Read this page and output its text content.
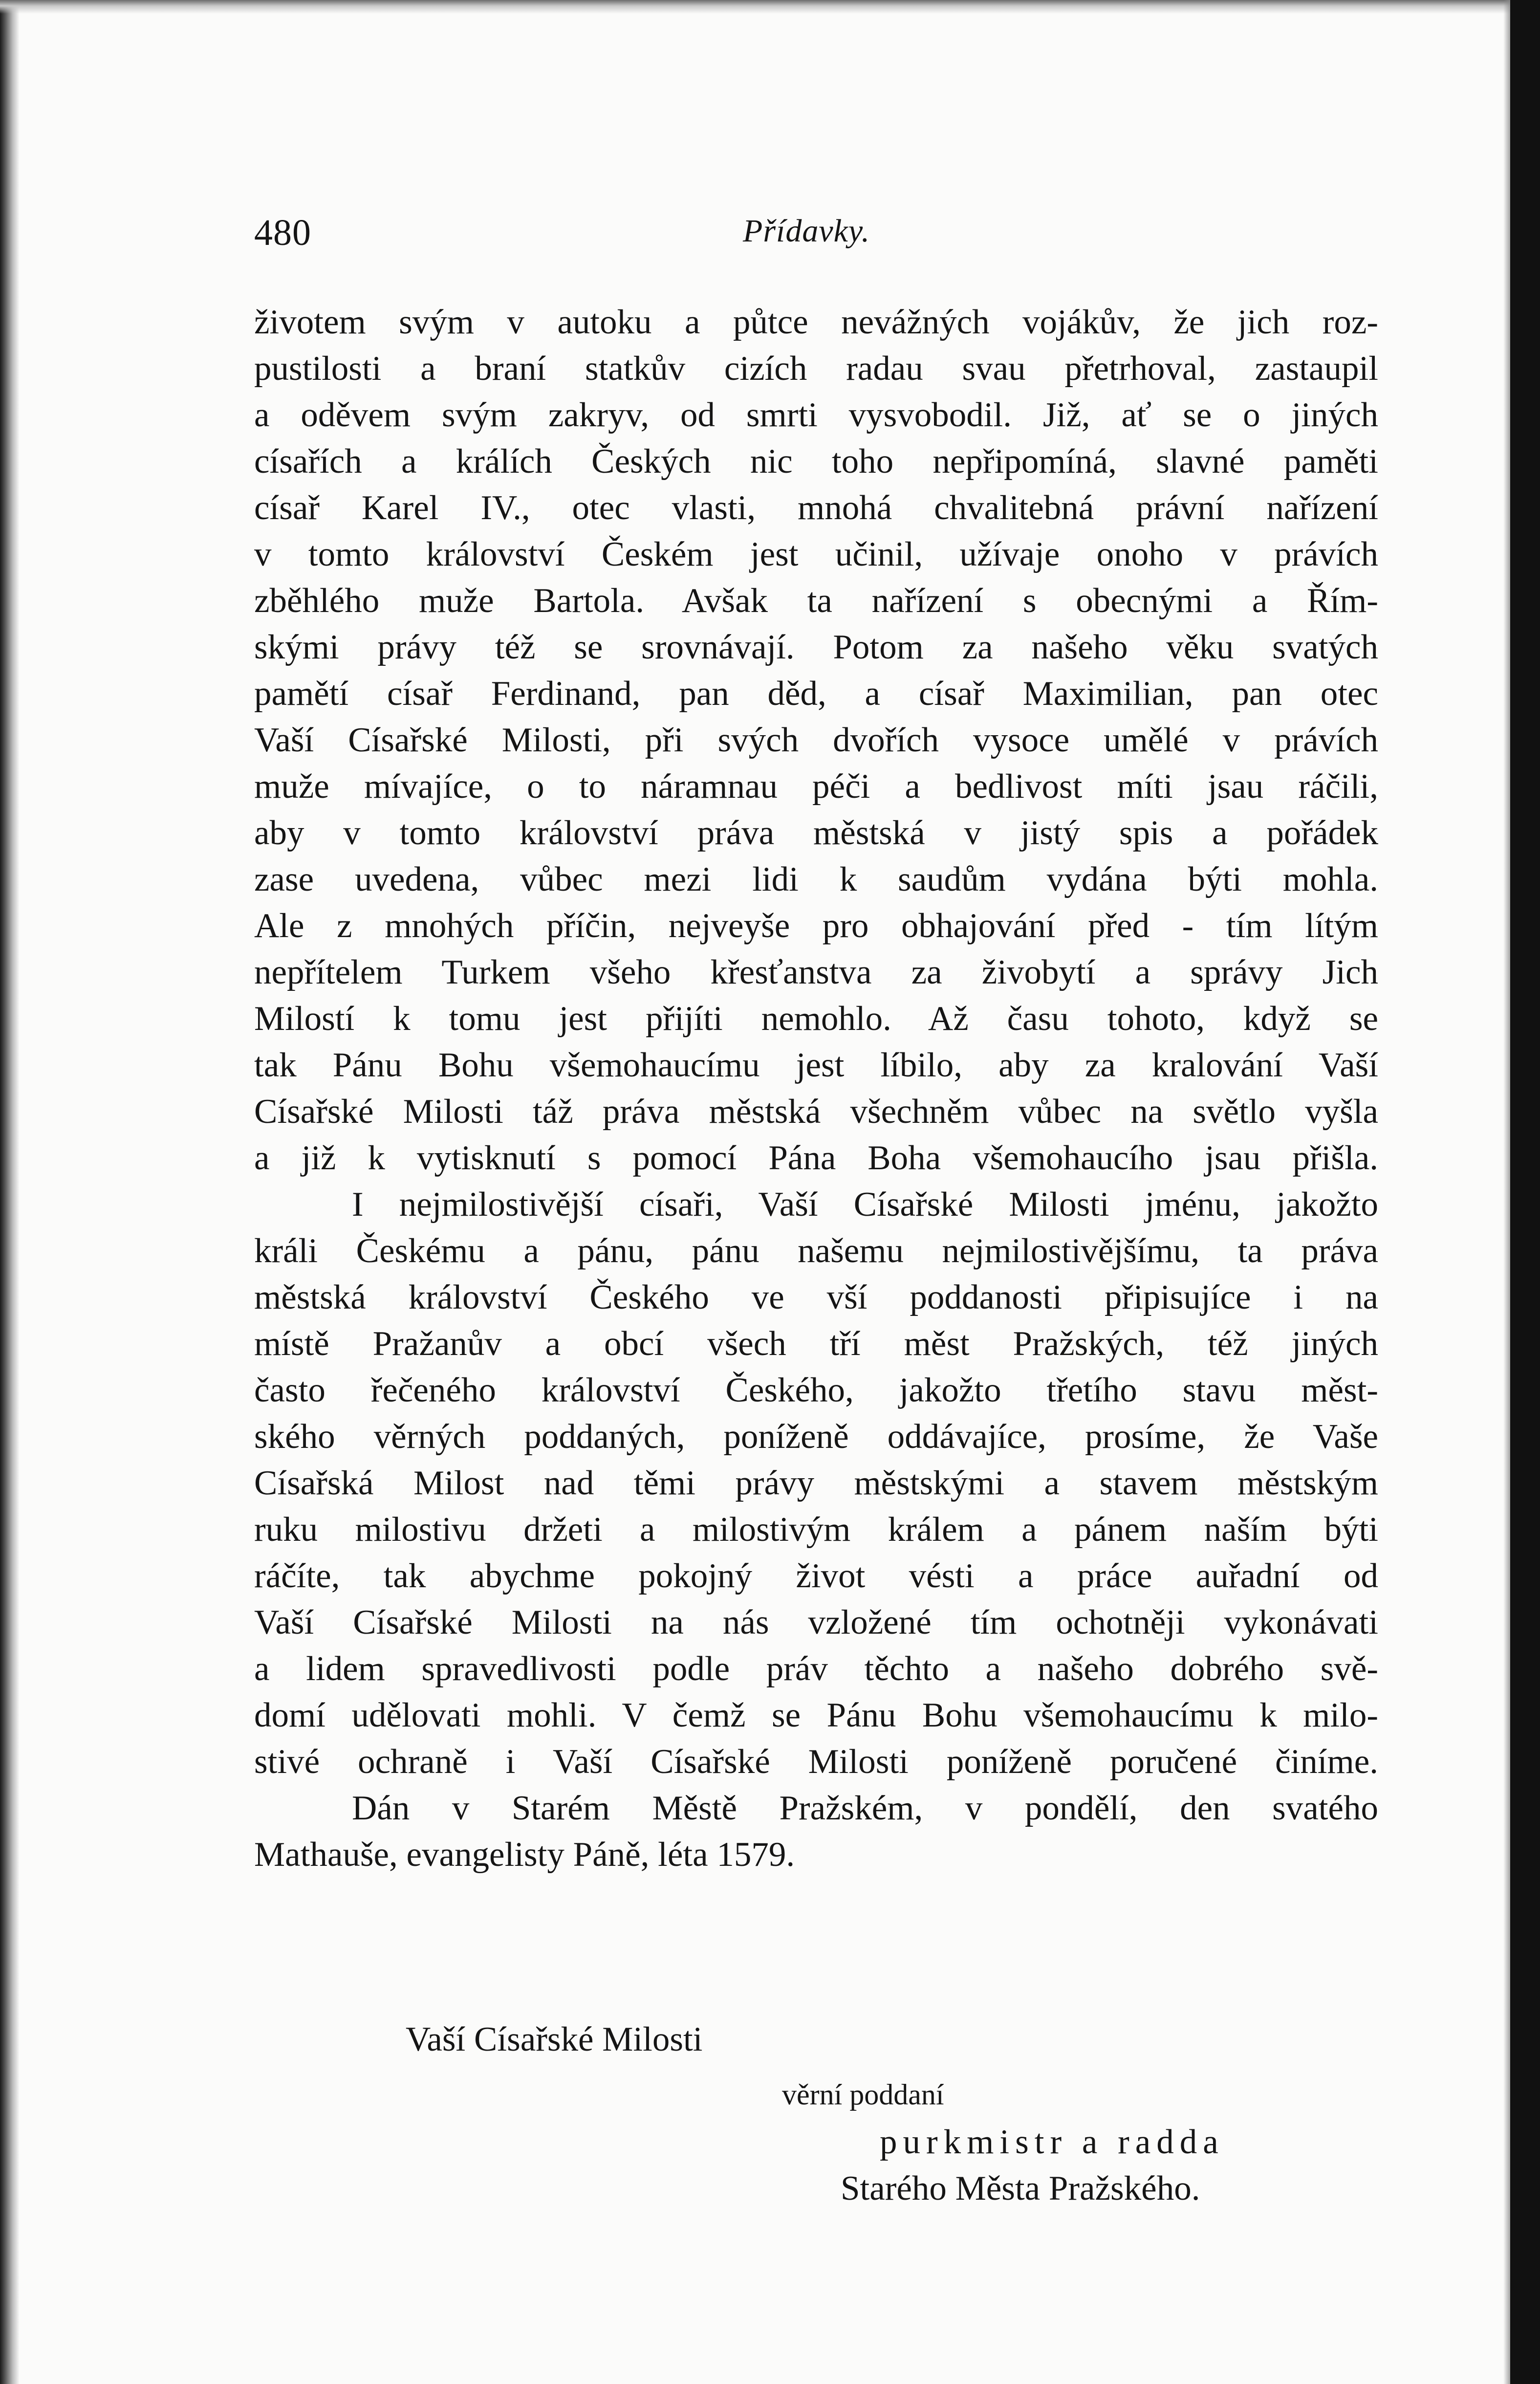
480	Přídavky.
životem svým v autoku a půtce nevážných vojákův, že jich roz-
pustilosti a braní statkův cizích radau svau přetrhoval, zastaupil
a oděvem svým zakryv, od smrti vysvobodil. Již, ať se o jiných
císařích a králích Českých nic toho nepřipomíná, slavné paměti
císař Karel IV., otec vlasti, mnohá chvalitebná právní nařízení
v tomto království Českém jest učinil, užívaje onoho v právích
zběhlého muže Bartola. Avšak ta nařízení s obecnými a Řím-
skými právy též se srovnávají. Potom za našeho věku svatých
pamětí císař Ferdinand, pan děd, a císař Maximilian, pan otec
Vaší Císařské Milosti, při svých dvořích vysoce umělé v právích
muže mívajíce, o to náramnau péči a bedlivost míti jsau ráčili,
aby v tomto království práva městská v jistý spis a pořádek
zase uvedena, vůbec mezi lidi k saudům vydána býti mohla.
Ale z mnohých příčin, nejveyše pro obhajování před - tím lítým
nepřítelem Turkem všeho křesťanstva za živobytí a správy Jich
Milostí k tomu jest přijíti nemohlo. Až času tohoto, když se
tak Pánu Bohu všemohaucímu jest líbilo, aby za kralování Vaší
Císařské Milosti táž práva městská všechněm vůbec na světlo vyšla
a již k vytisknutí s pomocí Pána Boha všemohaucího jsau přišla.
I nejmilostivější císaři, Vaší Císařské Milosti jménu, jakožto
králi Českému a pánu, pánu našemu nejmilostivějšímu, ta práva
městská království Českého ve vší poddanosti připisujíce i na
místě Pražanův a obcí všech tří měst Pražských, též jiných
často řečeného království Českého, jakožto třetího stavu měst-
ského věrných poddaných, poníženě oddávajíce, prosíme, že Vaše
Císařská Milost nad těmi právy městskými a stavem městským
ruku milostivu držeti a milostivým králem a pánem naším býti
ráčíte, tak abychme pokojný život vésti a práce auřadní od
Vaší Císařské Milosti na nás vzložené tím ochotněji vykonávati
a lidem spravedlivosti podle práv těchto a našeho dobrého svě-
domí udělovati mohli. V čemž se Pánu Bohu všemohaucímu k milo-
stivé ochraně i Vaší Císařské Milosti poníženě poručené činíme.
Dán v Starém Městě Pražském, v pondělí, den svatého
Mathauše, evangelisty Páně, léta 1579.
Vaší Císařské Milosti
věrní poddaní
purkmistr a radda
Starého Města Pražského.
